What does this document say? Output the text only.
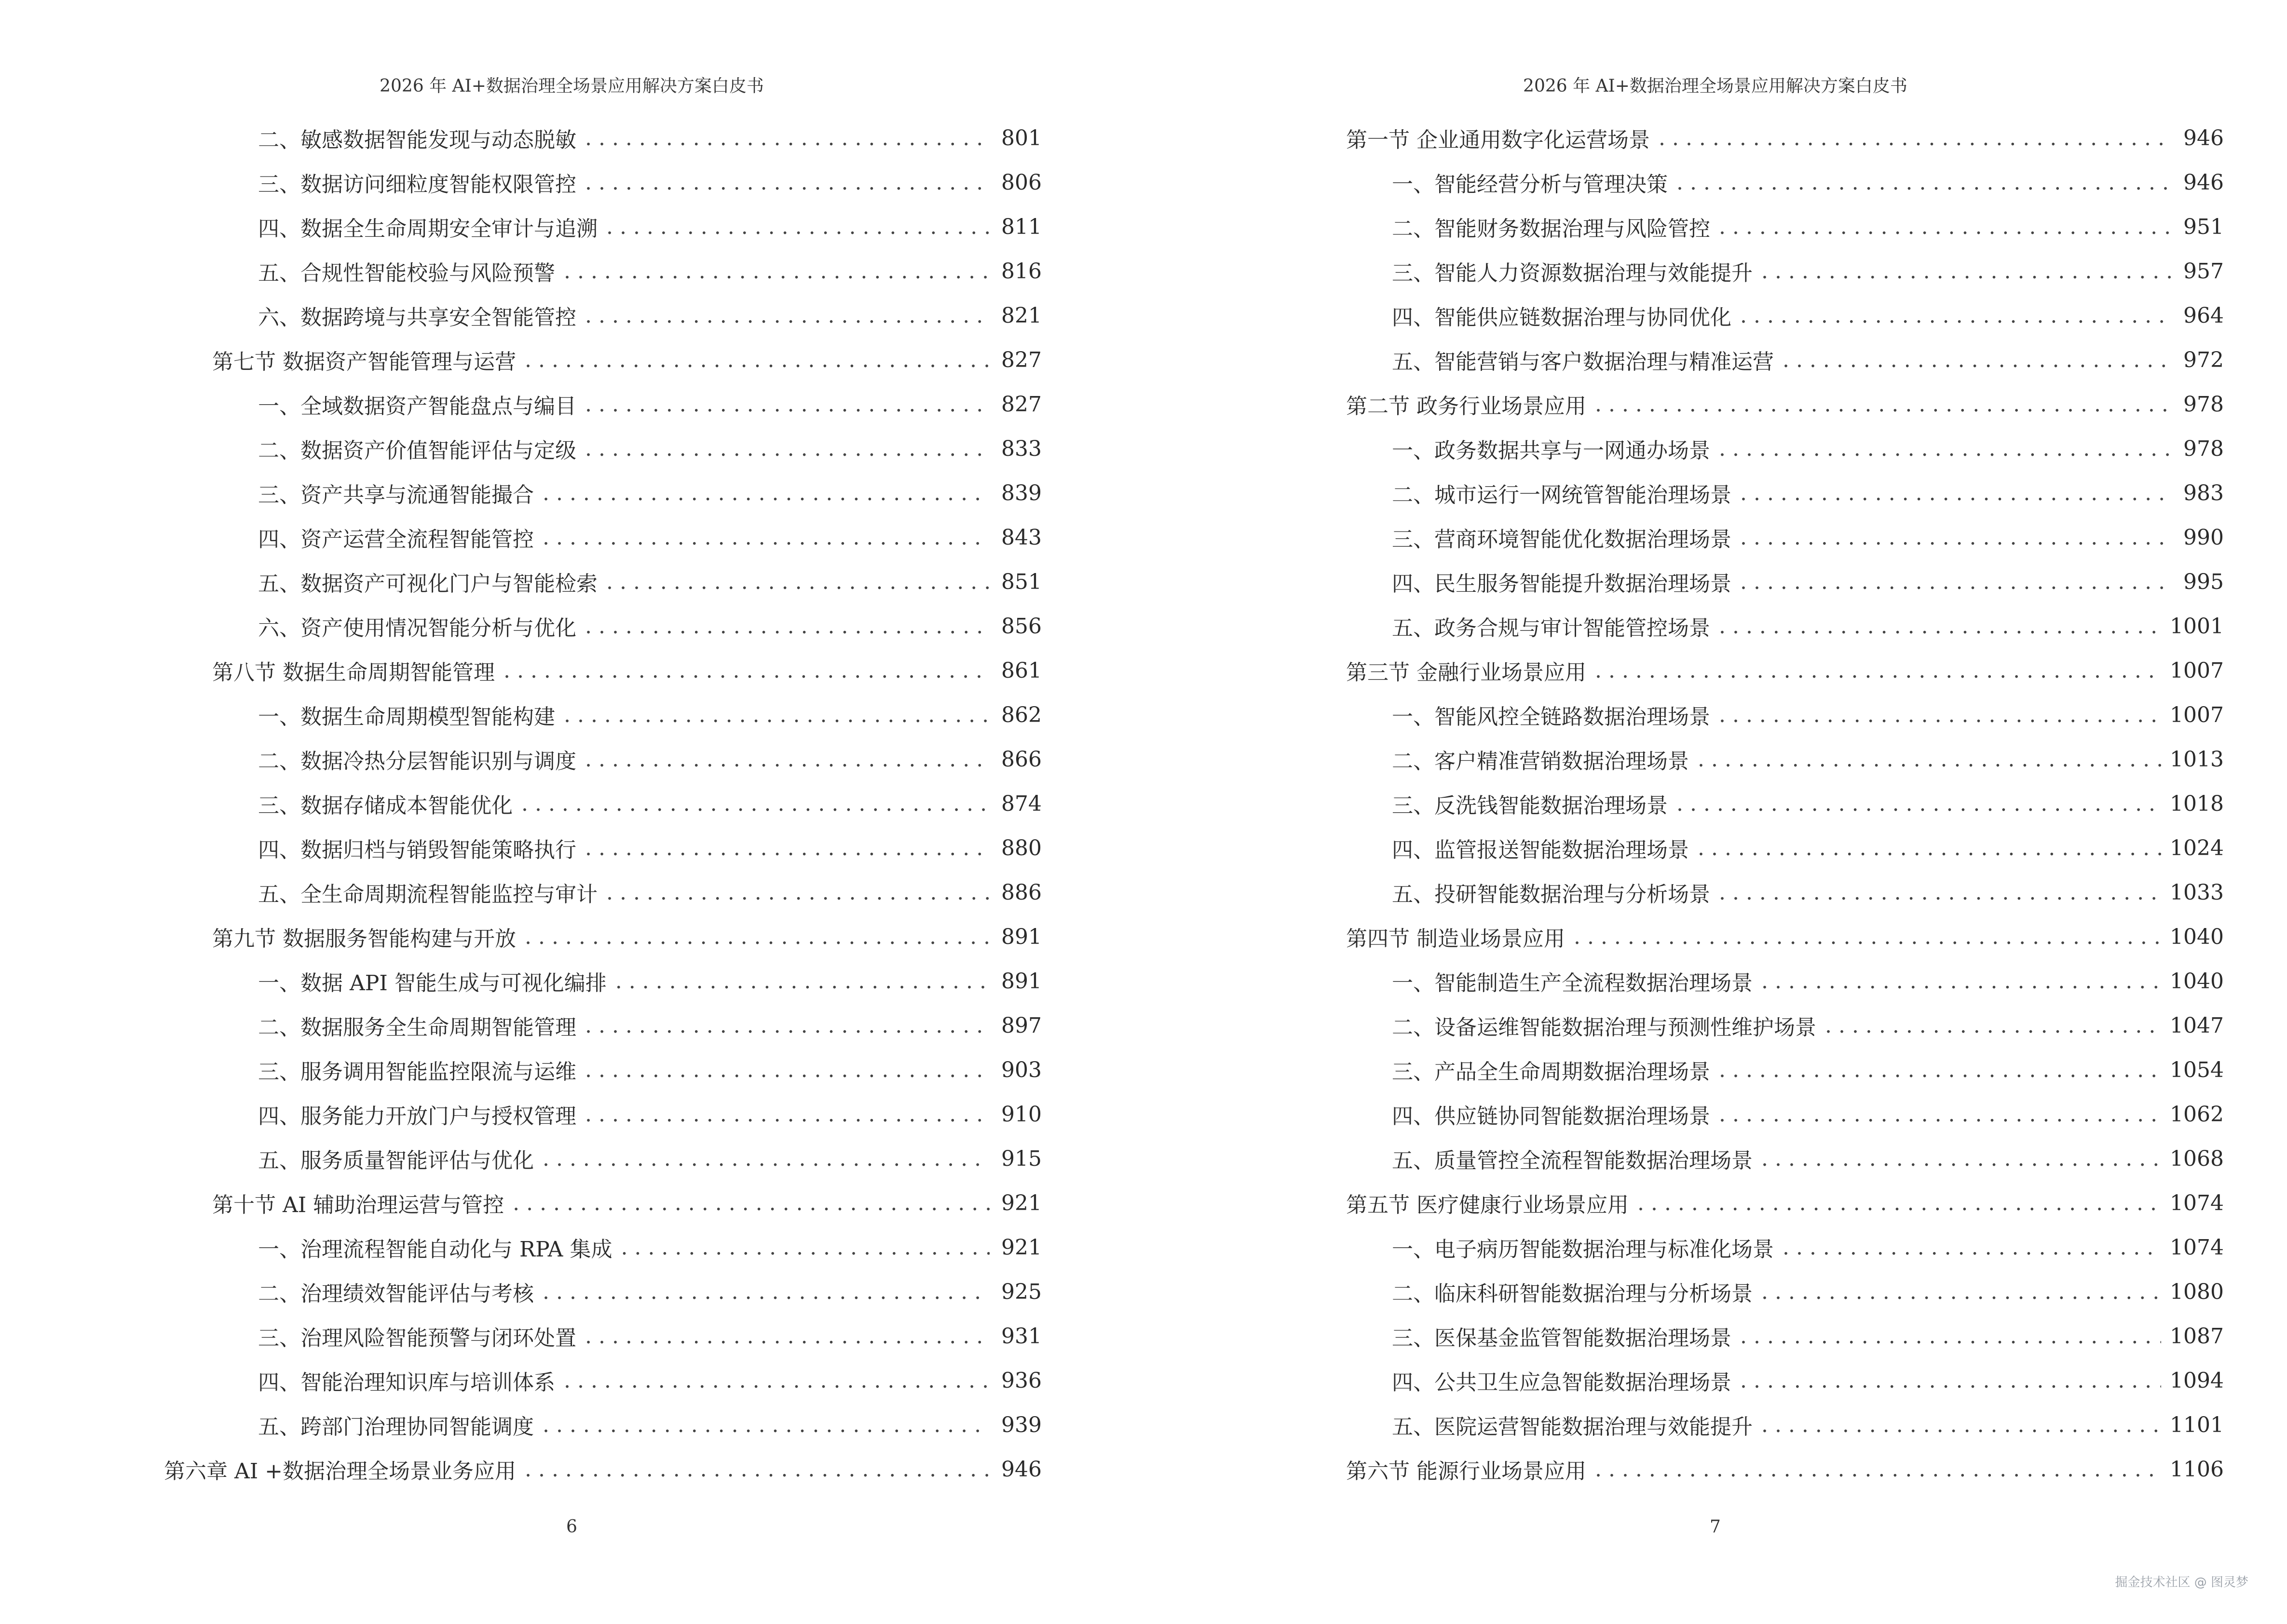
2026 年 AI+数据治理全场景应用解决方案白皮书
二、敏感数据智能发现与动态脱敏 . . .	801
三、数据访问细粒度智能权限管控 . . .	806
四、数据全生命周期安全审计与追溯 . . .	811
五、合规性智能校验与风险预警 . . .	816
六、数据跨境与共享安全智能管控 . . .	821
第七节 数据资产智能管理与运营 . . .	827
一、全域数据资产智能盘点与编目 . . .	827
二、数据资产价值智能评估与定级 . . .	833
三、资产共享与流通智能撮合 . . .	839
四、资产运营全流程智能管控 . . .	843
五、数据资产可视化门户与智能检索 . . .	851
六、资产使用情况智能分析与优化 . . .	856
第八节 数据生命周期智能管理 . . .	861
一、数据生命周期模型智能构建 . . .	862
二、数据冷热分层智能识别与调度 . . .	866
三、数据存储成本智能优化 . . .	874
四、数据归档与销毁智能策略执行 . . .	880
五、全生命周期流程智能监控与审计 . . .	886
第九节 数据服务智能构建与开放 . . .	891
一、数据 API 智能生成与可视化编排 . . .	891
二、数据服务全生命周期智能管理 . . .	897
三、服务调用智能监控限流与运维 . . .	903
四、服务能力开放门户与授权管理 . . .	910
五、服务质量智能评估与优化 . . .	915
第十节 AI 辅助治理运营与管控 . . .	921
一、治理流程智能自动化与 RPA 集成 . . .	921
二、治理绩效智能评估与考核 . . .	925
三、治理风险智能预警与闭环处置 . . .	931
四、智能治理知识库与培训体系 . . .	936
五、跨部门治理协同智能调度 . . .	939
第六章 AI +数据治理全场景业务应用 . . .	946
6
2026 年 AI+数据治理全场景应用解决方案白皮书
第一节 企业通用数字化运营场景 . . .	946
一、智能经营分析与管理决策 . . .	946
二、智能财务数据治理与风险管控 . . .	951
三、智能人力资源数据治理与效能提升 . . .	957
四、智能供应链数据治理与协同优化 . . .	964
五、智能营销与客户数据治理与精准运营 . . .	972
第二节 政务行业场景应用 . . .	978
一、政务数据共享与一网通办场景 . . .	978
二、城市运行一网统管智能治理场景 . . .	983
三、营商环境智能优化数据治理场景 . . .	990
四、民生服务智能提升数据治理场景 . . .	995
五、政务合规与审计智能管控场景 . . .	1001
第三节 金融行业场景应用 . . .	1007
一、智能风控全链路数据治理场景 . . .	1007
二、客户精准营销数据治理场景 . . .	1013
三、反洗钱智能数据治理场景 . . .	1018
四、监管报送智能数据治理场景 . . .	1024
五、投研智能数据治理与分析场景 . . .	1033
第四节 制造业场景应用 . . .	1040
一、智能制造生产全流程数据治理场景 . . .	1040
二、设备运维智能数据治理与预测性维护场景 . . .	1047
三、产品全生命周期数据治理场景 . . .	1054
四、供应链协同智能数据治理场景 . . .	1062
五、质量管控全流程智能数据治理场景 . . .	1068
第五节 医疗健康行业场景应用 . . .	1074
一、电子病历智能数据治理与标准化场景 . . .	1074
二、临床科研智能数据治理与分析场景 . . .	1080
三、医保基金监管智能数据治理场景 . . .	1087
四、公共卫生应急智能数据治理场景 . . .	1094
五、医院运营智能数据治理与效能提升 . . .	1101
第六节 能源行业场景应用 . . .	1106
7
掘金技术社区 @ 图灵梦
